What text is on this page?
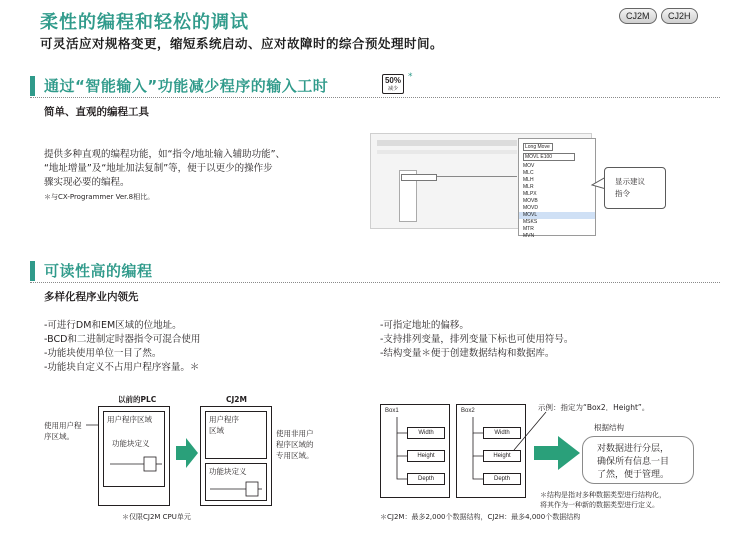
柔性的编程和轻松的调试
可灵活应对规格变更，缩短系统启动、应对故障时的综合预处理时间。
CJ2M	CJ2H
通过“智能输入”功能减少程序的输入工时	50%
减少
*
简单、直观的编程工具
提供多种直观的编程功能，如“指令/地址输入辅助功能”、
“地址增量”及“地址加法复制”等，便于以更少的操作步
骤实现必要的编程。
＊与CX-Programmer Ver.8相比。
Long Move
MOVL E100
MOV
MLC
MLH
MLR
MLPX
MOVB
MOVD
MOVL
MSKS
MTR
MVN
显示建议
指令
可读性高的编程
多样化程序业内领先
-可进行DM和EM区域的位地址。
-BCD和二进制定时器指令可混合使用
-功能块使用单位一目了然。
-功能块自定义不占用户程序容量。＊
-可指定地址的偏移。
-支持排列变量，排列变量下标也可使用符号。
-结构变量＊便于创建数据结构和数据库。
以前的PLC	CJ2M
使用用户程
序区域。
用户程序区域
功能块定义
用户程序
区域
功能块定义
使用非用户
程序区域的
专用区域。
＊仅限CJ2M CPU单元
Box1
Width
Height
Depth
Box2
Width
Height
Depth
示例：指定为“Box2．Height”。
根据结构
对数据进行分层，
确保所有信息一目
了然，便于管理。
＊结构是指对多种数据类型进行结构化，
将其作为一种新的数据类型进行定义。
＊CJ2M：最多2,000个数据结构，CJ2H：最多4,000个数据结构
